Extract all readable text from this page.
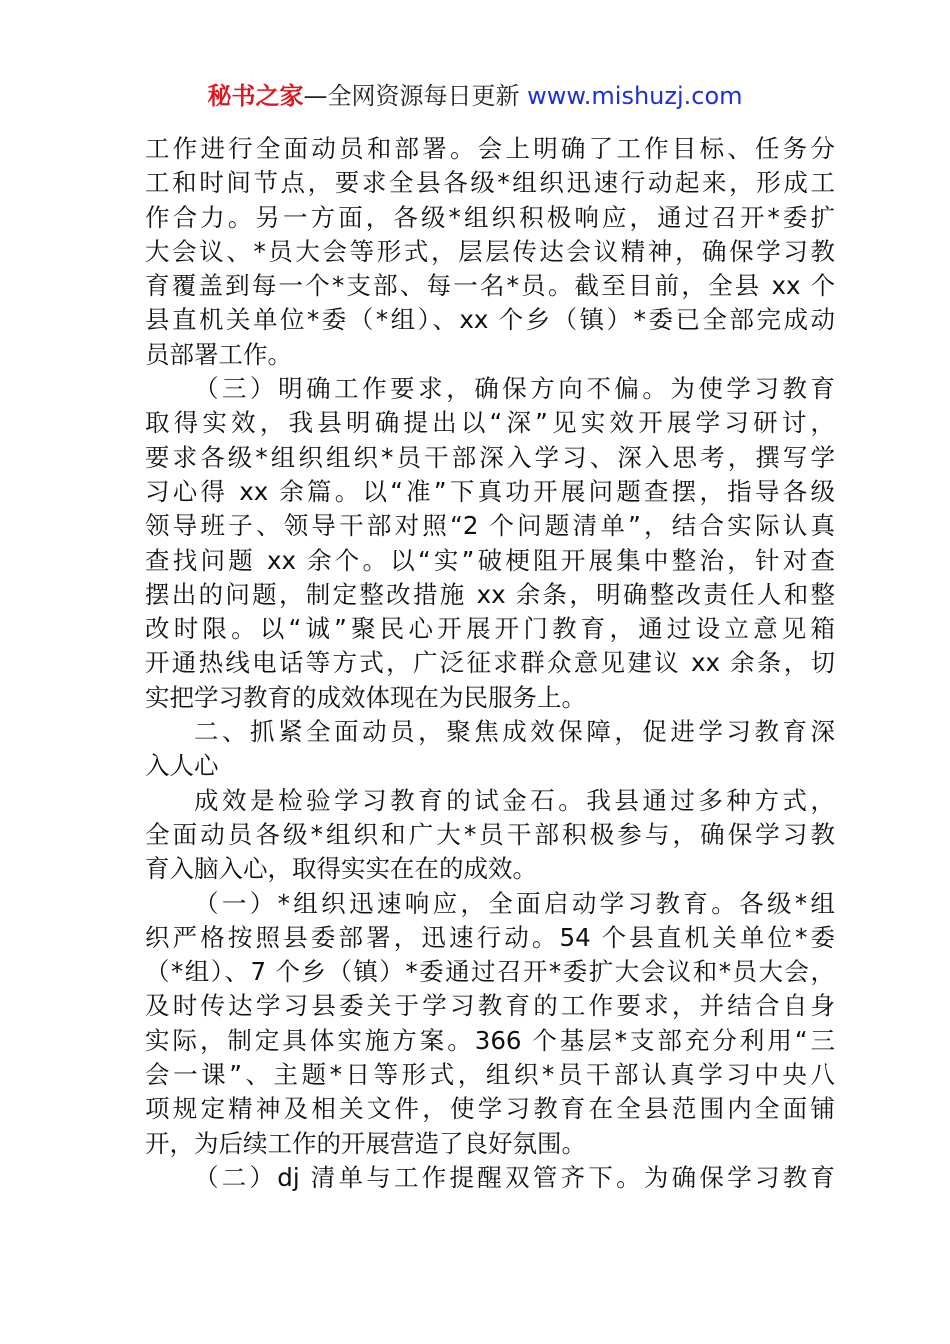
秘书之家—全网资源每日更新 www.mishuzj.com
工作进行全面动员和部署。会上明确了工作目标、任务分
工和时间节点，要求全县各级*组织迅速行动起来，形成工
作合力。另一方面，各级*组织积极响应，通过召开*委扩
大会议、*员大会等形式，层层传达会议精神，确保学习教
育覆盖到每一个*支部、每一名*员。截至目前，全县 xx 个
县直机关单位*委（*组）、xx 个乡（镇）*委已全部完成动
员部署工作。
（三）明确工作要求，确保方向不偏。为使学习教育
取得实效，我县明确提出以“深”见实效开展学习研讨，
要求各级*组织组织*员干部深入学习、深入思考，撰写学
习心得 xx 余篇。以“准”下真功开展问题查摆，指导各级
领导班子、领导干部对照“2 个问题清单”，结合实际认真
查找问题 xx 余个。以“实”破梗阻开展集中整治，针对查
摆出的问题，制定整改措施 xx 余条，明确整改责任人和整
改时限。以“诚”聚民心开展开门教育，通过设立意见箱
开通热线电话等方式，广泛征求群众意见建议 xx 余条，切
实把学习教育的成效体现在为民服务上。
二、抓紧全面动员，聚焦成效保障，促进学习教育深
入人心
成效是检验学习教育的试金石。我县通过多种方式，
全面动员各级*组织和广大*员干部积极参与，确保学习教
育入脑入心，取得实实在在的成效。
（一）*组织迅速响应，全面启动学习教育。各级*组
织严格按照县委部署，迅速行动。54 个县直机关单位*委
（*组）、7 个乡（镇）*委通过召开*委扩大会议和*员大会，
及时传达学习县委关于学习教育的工作要求，并结合自身
实际，制定具体实施方案。366 个基层*支部充分利用“三
会一课”、主题*日等形式，组织*员干部认真学习中央八
项规定精神及相关文件，使学习教育在全县范围内全面铺
开，为后续工作的开展营造了良好氛围。
（二）dj 清单与工作提醒双管齐下。为确保学习教育
